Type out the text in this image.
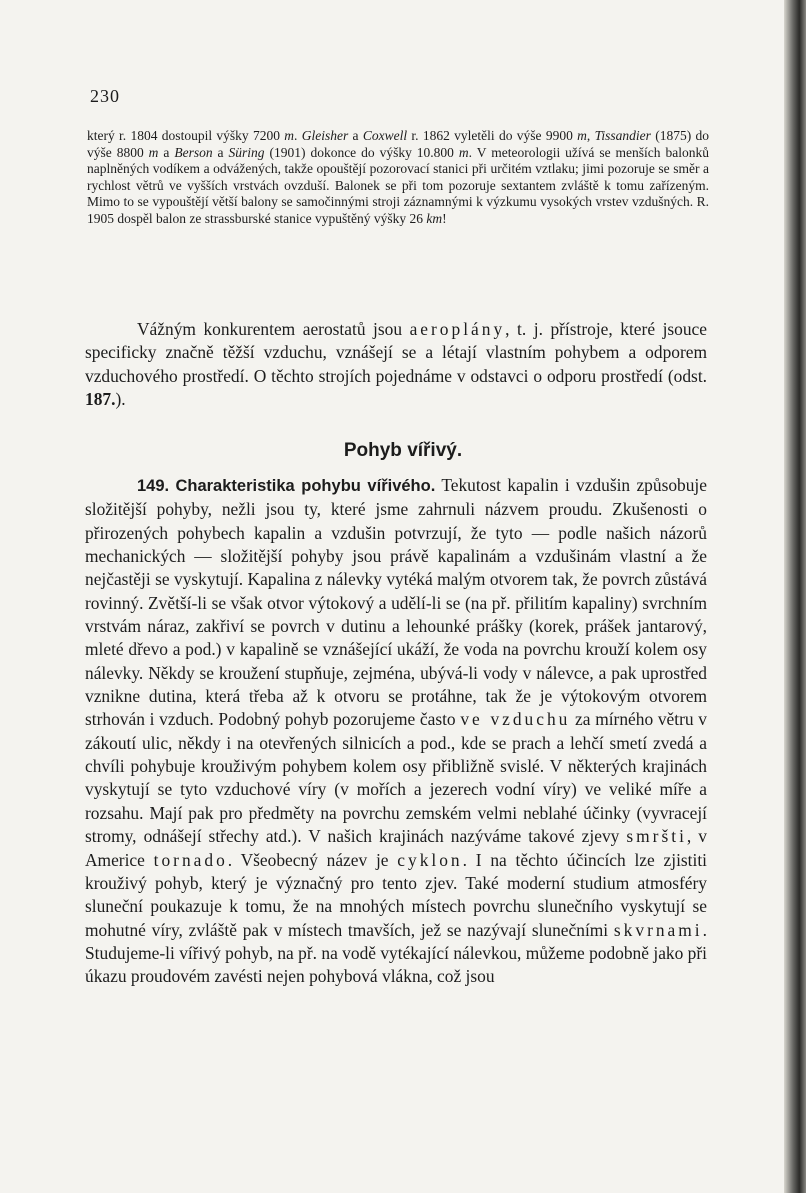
230
který r. 1804 dostoupil výšky 7200 m. Gleisher a Coxwell r. 1862 vyletěli do výše 9900 m, Tissandier (1875) do výše 8800 m a Berson a Süring (1901) dokonce do výšky 10.800 m. V meteorologii užívá se menších balonků naplněných vodíkem a odvážených, takže opouštějí pozorovací stanici při určitém vztlaku; jimi pozoruje se směr a rychlost větrů ve vyšších vrstvách ovzduší. Balonek se při tom pozoruje sextantem zvláště k tomu zařízeným. Mimo to se vypouštějí větší balony se samočinnými stroji záznamnými k výzkumu vysokých vrstev vzdušných. R. 1905 dospěl balon ze strassburské stanice vypuštěný výšky 26 km!

Vážným konkurentem aerostatů jsou aeroplány, t. j. přístroje, které jsouce specificky značně těžší vzduchu, vznášejí se a létají vlastním pohybem a odporem vzduchového prostředí. O těchto strojích pojednáme v odstavci o odporu prostředí (odst. 187.).

Pohyb vířivý.

149. Charakteristika pohybu vířivého. Tekutost kapalin i vzdušin způsobuje složitější pohyby, nežli jsou ty, které jsme zahrnuli názvem proudu. Zkušenosti o přirozených pohybech kapalin a vzdušin potvrzují, že tyto — podle našich názorů mechanických — složitější pohyby jsou právě kapalinám a vzdušinám vlastní a že nejčastěji se vyskytují. Kapalina z nálevky vytéká malým otvorem tak, že povrch zůstává rovinný. Zvětší-li se však otvor výtokový a udělí-li se (na př. přilitím kapaliny) svrchním vrstvám náraz, zakřiví se povrch v dutinu a lehounké prášky (korek, prášek jantarový, mleté dřevo a pod.) v kapalině se vznášející ukáží, že voda na povrchu krouží kolem osy nálevky. Někdy se kroužení stupňuje, zejména, ubývá-li vody v nálevce, a pak uprostřed vznikne dutina, která třeba až k otvoru se protáhne, tak že je výtokovým otvorem strhován i vzduch. Podobný pohyb pozorujeme často ve vzduchu za mírného větru v zákoutí ulic, někdy i na otevřených silnicích a pod., kde se prach a lehčí smetí zvedá a chvíli pohybuje krouživým pohybem kolem osy přibližně svislé. V některých krajinách vyskytují se tyto vzduchové víry (v mořích a jezerech vodní víry) ve veliké míře a rozsahu. Mají pak pro předměty na povrchu zemském velmi neblahé účinky (vyvracejí stromy, odnášejí střechy atd.). V našich krajinách nazýváme takové zjevy smršti, v Americe tornado. Všeobecný název je cyklon. I na těchto účincích lze zjistiti krouživý pohyb, který je význačný pro tento zjev. Také moderní studium atmosféry sluneční poukazuje k tomu, že na mnohých místech povrchu slunečního vyskytují se mohutné víry, zvláště pak v místech tmavších, jež se nazývají slunečními skvrnami. Studujeme-li vířivý pohyb, na př. na vodě vytékající nálevkou, můžeme podobně jako při úkazu proudovém zavésti nejen pohybová vlákna, což jsou
